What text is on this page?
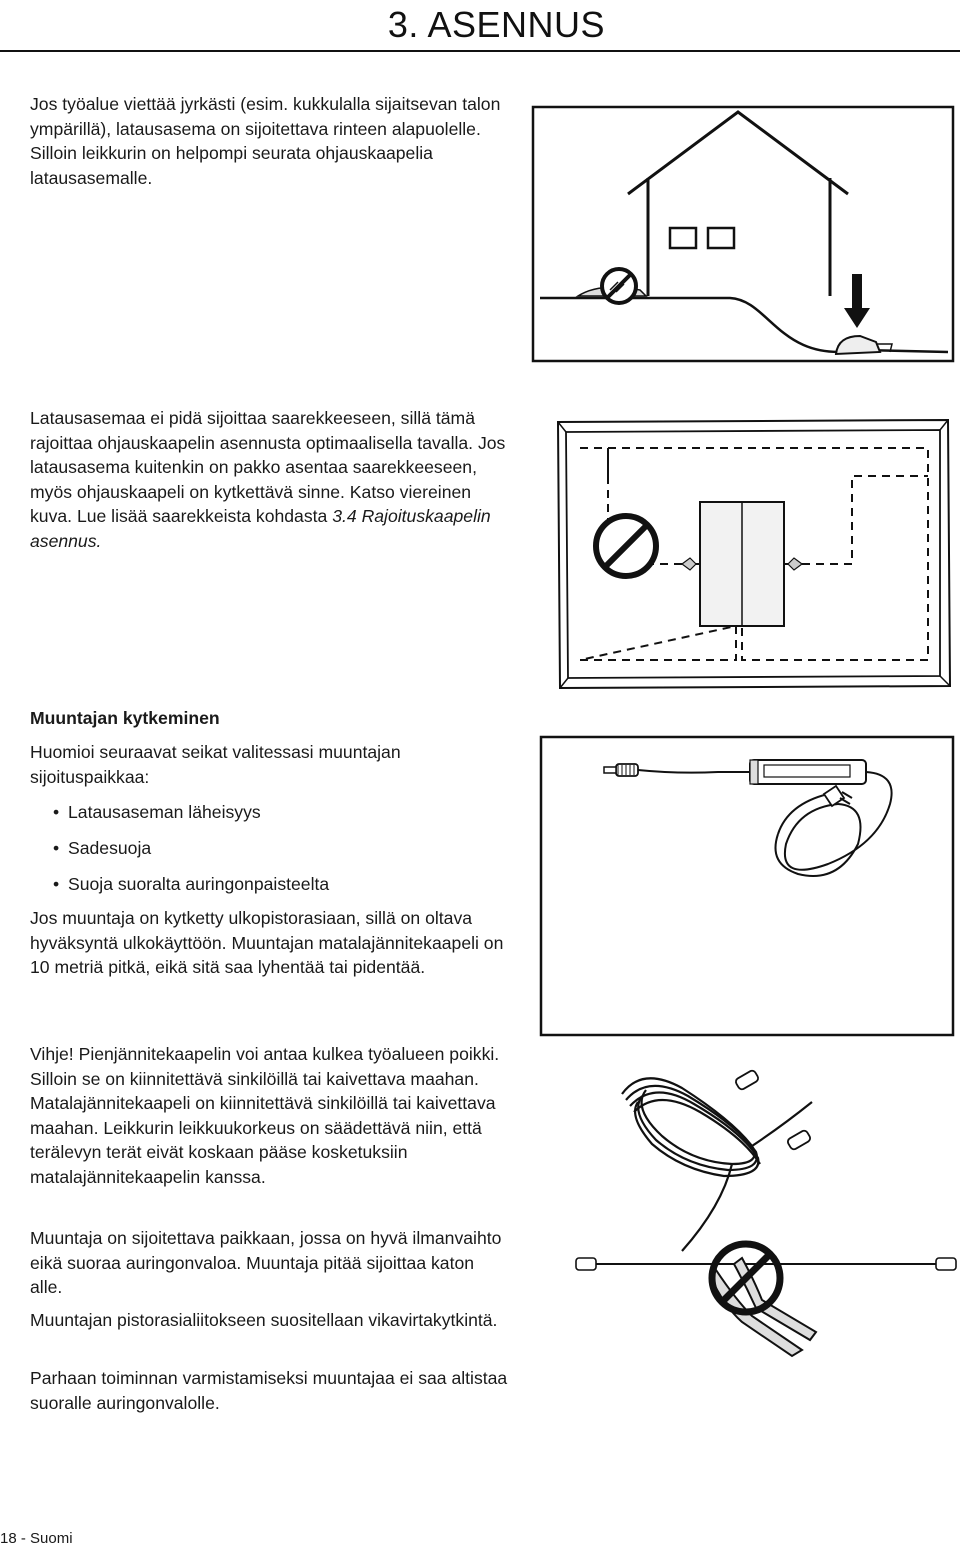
3. ASENNUS

Jos työalue viettää jyrkästi (esim. kukkulalla sijaitsevan talon ympärillä), latausasema on sijoitettava rinteen alapuolelle. Silloin leikkurin on helpompi seurata ohjauskaapelia latausasemalle.

Latausasemaa ei pidä sijoittaa saarekkeeseen, sillä tämä rajoittaa ohjauskaapelin asennusta optimaalisella tavalla. Jos latausasema kuitenkin on pakko asentaa saarekkeeseen, myös ohjauskaapeli on kytkettävä sinne. Katso viereinen kuva. Lue lisää saarekkeista kohdasta 3.4 Rajoituskaapelin asennus.

Muuntajan kytkeminen

Huomioi seuraavat seikat valitessasi muuntajan sijoituspaikkaa:

• Latausaseman läheisyys
• Sadesuoja
• Suoja suoralta auringonpaisteelta

Jos muuntaja on kytketty ulkopistorasiaan, sillä on oltava hyväksyntä ulkokäyttöön. Muuntajan matalajännitekaapeli on 10 metriä pitkä, eikä sitä saa lyhentää tai pidentää.

Vihje! Pienjännitekaapelin voi antaa kulkea työalueen poikki. Silloin se on kiinnitettävä sinkilöillä tai kaivettava maahan. Matalajännitekaapeli on kiinnitettävä sinkilöillä tai kaivettava maahan. Leikkurin leikkuukorkeus on säädettävä niin, että terälevyn terät eivät koskaan pääse kosketuksiin matalajännitekaapelin kanssa.

Muuntaja on sijoitettava paikkaan, jossa on hyvä ilmanvaihto eikä suoraa auringonvaloa. Muuntaja pitää sijoittaa katon alle.

Muuntajan pistorasialiitokseen suositellaan vikavirtakytkintä.

Parhaan toiminnan varmistamiseksi muuntajaa ei saa altistaa suoralle auringonvalolle.

18 - Suomi
